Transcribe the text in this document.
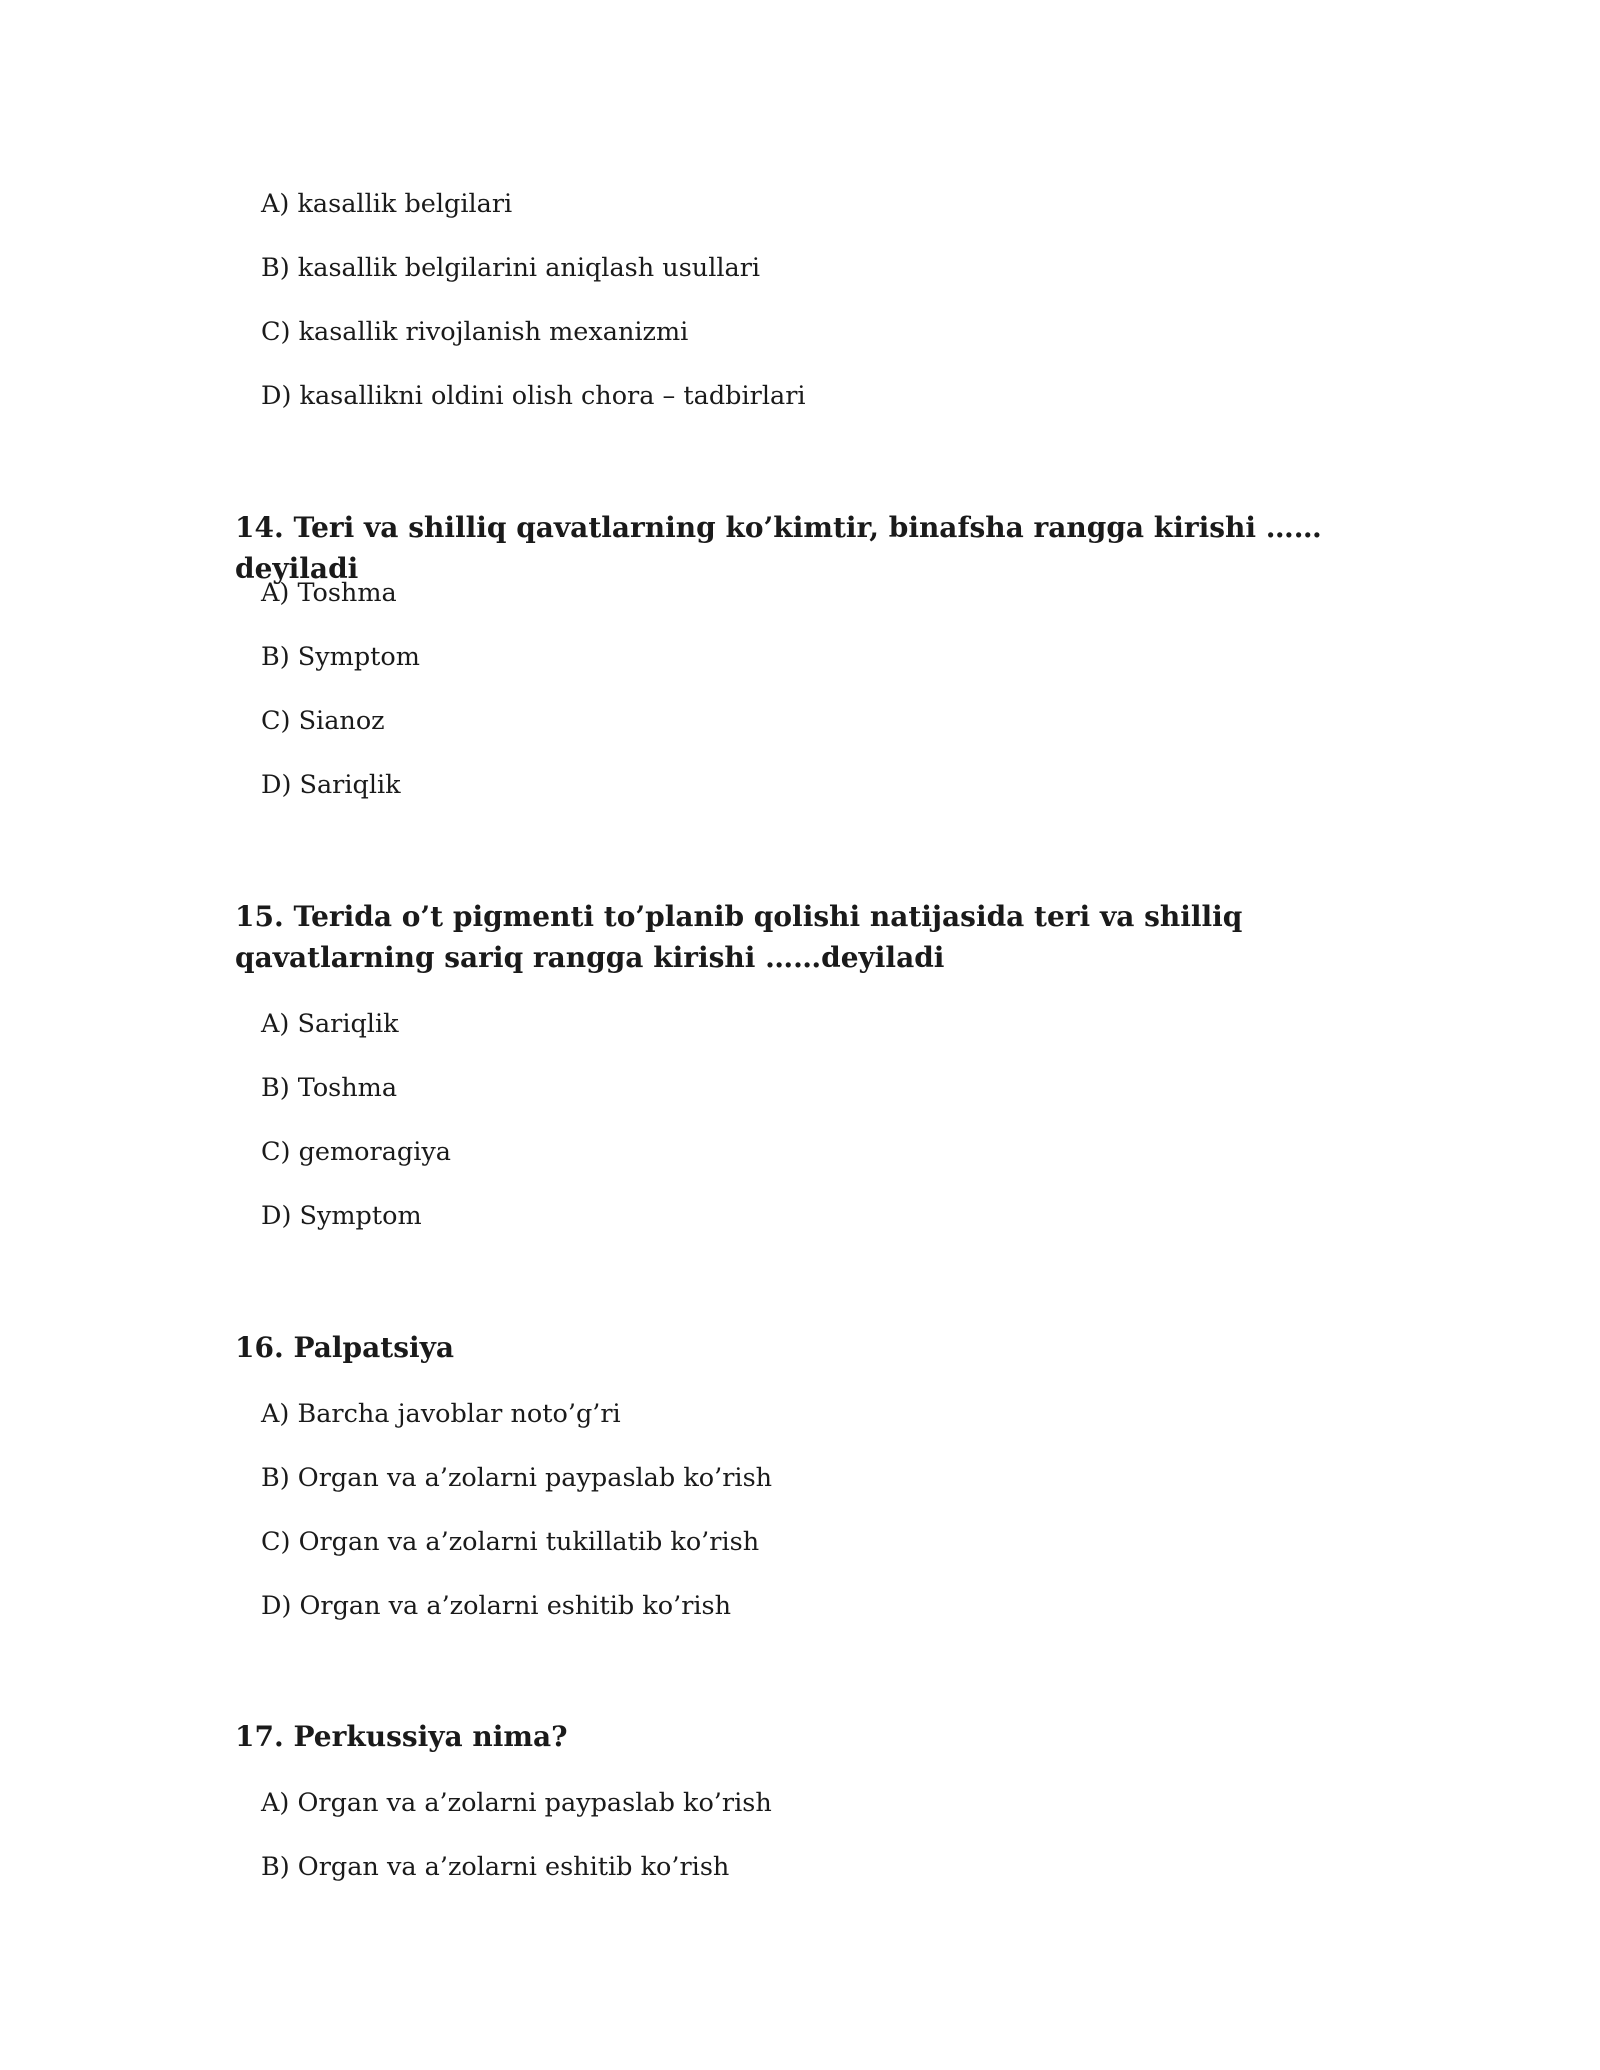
A) kasallik belgilari
B) kasallik belgilarini aniqlash usullari
C) kasallik rivojlanish mexanizmi
D) kasallikni oldini olish chora – tadbirlari
14. Teri va shilliq qavatlarning ko’kimtir, binafsha rangga kirishi ……deyiladi
A) Toshma
B) Symptom
C) Sianoz
D) Sariqlik
15. Terida o’t pigmenti to’planib qolishi natijasida teri va shilliq qavatlarning sariq rangga kirishi ……deyiladi
A) Sariqlik
B) Toshma
C) gemoragiya
D) Symptom
16. Palpatsiya
A) Barcha javoblar noto’g’ri
B) Organ va a’zolarni paypaslab ko’rish
C) Organ va a’zolarni tukillatib ko’rish
D) Organ va a’zolarni eshitib ko’rish
17. Perkussiya nima?
A) Organ va a’zolarni paypaslab ko’rish
B) Organ va a’zolarni eshitib ko’rish
